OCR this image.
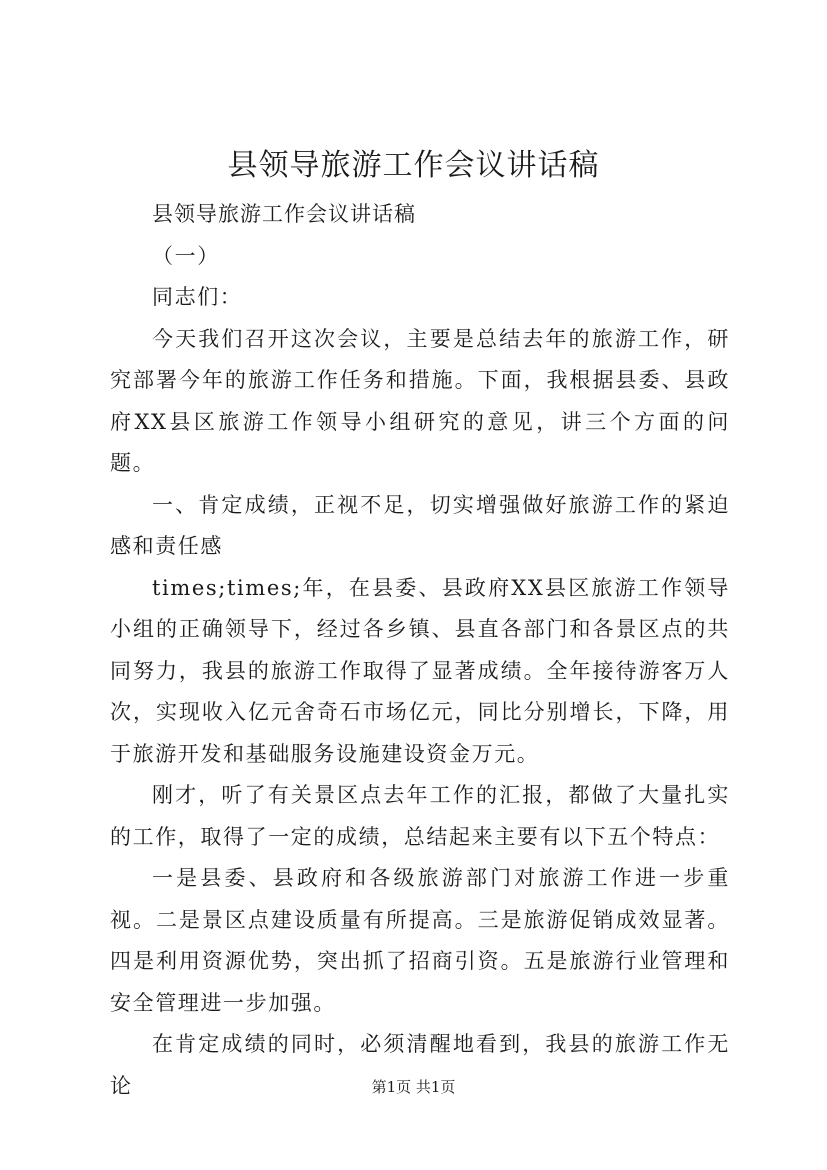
县领导旅游工作会议讲话稿

县领导旅游工作会议讲话稿

（一）

同志们：

今天我们召开这次会议，主要是总结去年的旅游工作，研究部署今年的旅游工作任务和措施。下面，我根据县委、县政府XX县区旅游工作领导小组研究的意见，讲三个方面的问题。

一、肯定成绩，正视不足，切实增强做好旅游工作的紧迫感和责任感

times;times;年，在县委、县政府XX县区旅游工作领导小组的正确领导下，经过各乡镇、县直各部门和各景区点的共同努力，我县的旅游工作取得了显著成绩。全年接待游客万人次，实现收入亿元舍奇石市场亿元，同比分别增长，下降，用于旅游开发和基础服务设施建设资金万元。

刚才，听了有关景区点去年工作的汇报，都做了大量扎实的工作，取得了一定的成绩，总结起来主要有以下五个特点：

一是县委、县政府和各级旅游部门对旅游工作进一步重视。二是景区点建设质量有所提高。三是旅游促销成效显著。四是利用资源优势，突出抓了招商引资。五是旅游行业管理和安全管理进一步加强。

在肯定成绩的同时，必须清醒地看到，我县的旅游工作无论	第1页 共1页
